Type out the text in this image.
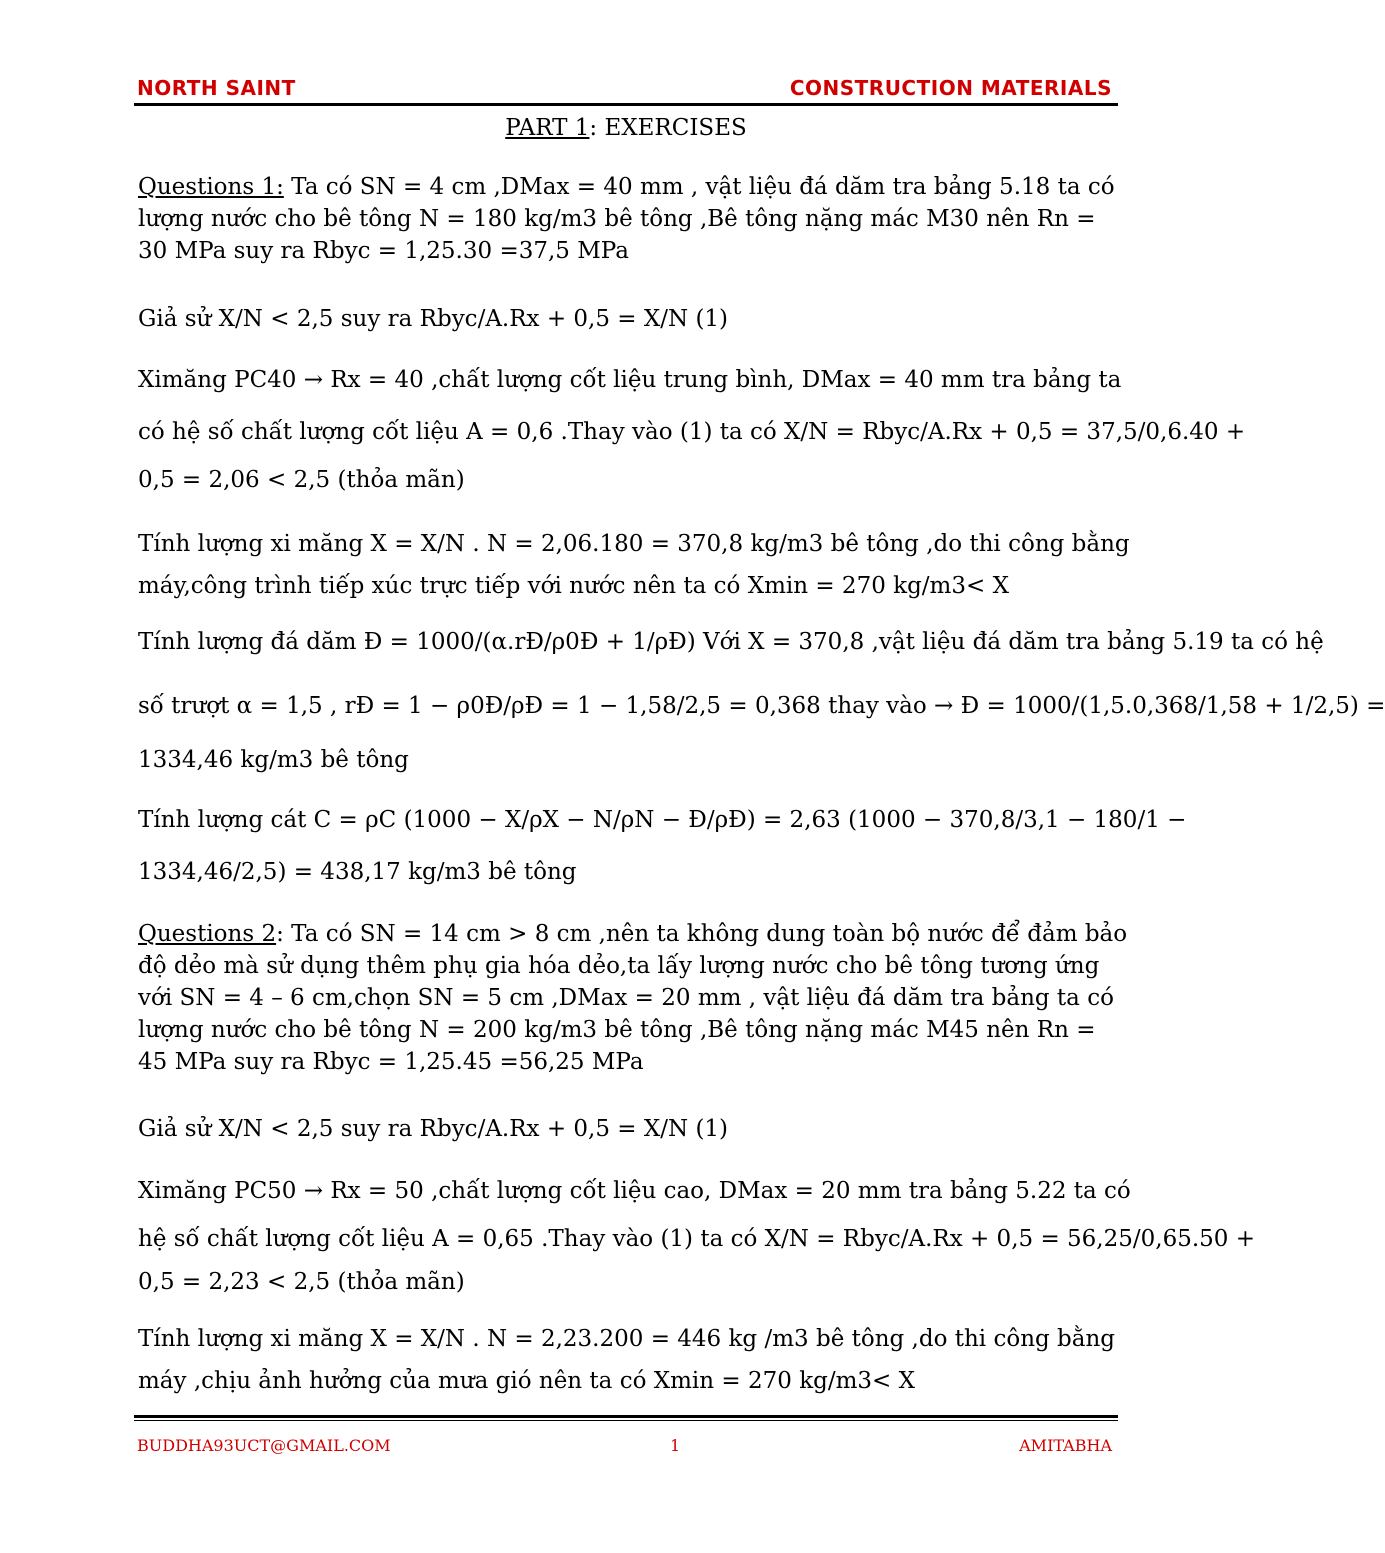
NORTH SAINT	CONSTRUCTION MATERIALS
PART 1: EXERCISES
Questions 1: Ta có SN = 4 cm ,DMax = 40 mm , vật liệu đá dăm tra bảng 5.18 ta có
lượng nước cho bê tông N = 180 kg/m3 bê tông ,Bê tông nặng mác M30 nên Rn =
30 MPa suy ra Rbyc = 1,25.30 =37,5 MPa
Giả sử X/N < 2,5 suy ra Rbyc/A.Rx + 0,5 = X/N (1)
Ximăng PC40 → Rx = 40 ,chất lượng cốt liệu trung bình, DMax = 40 mm tra bảng ta
có hệ số chất lượng cốt liệu A = 0,6 .Thay vào (1) ta có X/N = Rbyc/A.Rx + 0,5 = 37,5/0,6.40 +
0,5 = 2,06 < 2,5 (thỏa mãn)
Tính lượng xi măng X = X/N . N = 2,06.180 = 370,8 kg/m3 bê tông ,do thi công bằng
máy,công trình tiếp xúc trực tiếp với nước nên ta có Xmin = 270 kg/m3< X
Tính lượng đá dăm Đ = 1000/(α.rĐ/ρ0Đ + 1/ρĐ) Với X = 370,8 ,vật liệu đá dăm tra bảng 5.19 ta có hệ
số trượt α = 1,5 , rĐ = 1 − ρ0Đ/ρĐ = 1 − 1,58/2,5 = 0,368 thay vào → Đ = 1000/(1,5.0,368/1,58 + 1/2,5) =
1334,46 kg/m3 bê tông
Tính lượng cát C = ρC (1000 − X/ρX − N/ρN − Đ/ρĐ) = 2,63 (1000 − 370,8/3,1 − 180/1 −
1334,46/2,5) = 438,17 kg/m3 bê tông
Questions 2: Ta có SN = 14 cm > 8 cm ,nên ta không dung toàn bộ nước để đảm bảo
độ dẻo mà sử dụng thêm phụ gia hóa dẻo,ta lấy lượng nước cho bê tông tương ứng
với SN = 4 – 6 cm,chọn SN = 5 cm ,DMax = 20 mm , vật liệu đá dăm tra bảng ta có
lượng nước cho bê tông N = 200 kg/m3 bê tông ,Bê tông nặng mác M45 nên Rn =
45 MPa suy ra Rbyc = 1,25.45 =56,25 MPa
Giả sử X/N < 2,5 suy ra Rbyc/A.Rx + 0,5 = X/N (1)
Ximăng PC50 → Rx = 50 ,chất lượng cốt liệu cao, DMax = 20 mm tra bảng 5.22 ta có
hệ số chất lượng cốt liệu A = 0,65 .Thay vào (1) ta có X/N = Rbyc/A.Rx + 0,5 = 56,25/0,65.50 +
0,5 = 2,23 < 2,5 (thỏa mãn)
Tính lượng xi măng X = X/N . N = 2,23.200 = 446 kg /m3 bê tông ,do thi công bằng
máy ,chịu ảnh hưởng của mưa gió nên ta có Xmin = 270 kg/m3< X
BUDDHA93UCT@GMAIL.COM	1	AMITABHA
